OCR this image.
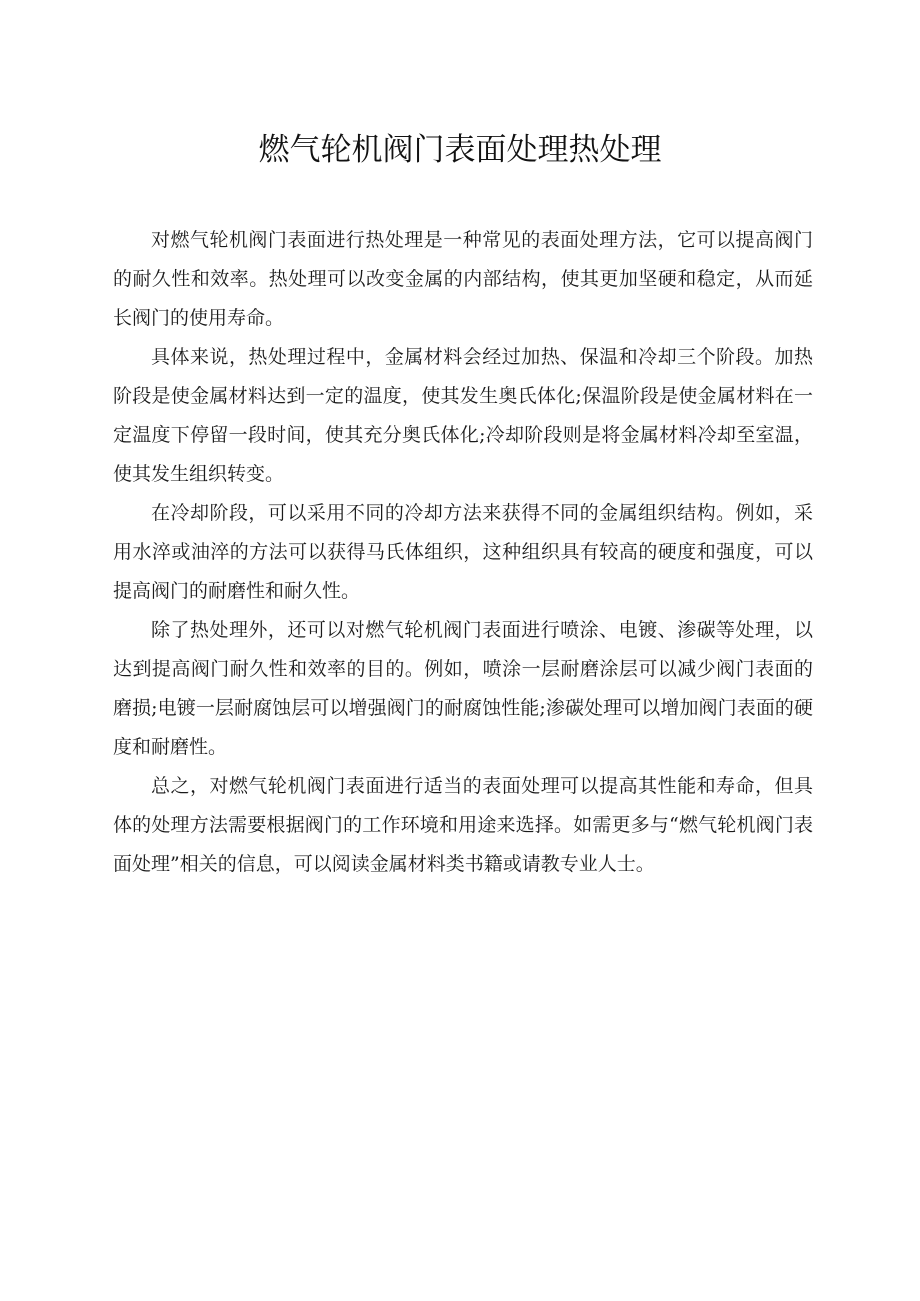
燃气轮机阀门表面处理热处理

对燃气轮机阀门表面进行热处理是一种常见的表面处理方法，它可以提高阀门的耐久性和效率。热处理可以改变金属的内部结构，使其更加坚硬和稳定，从而延长阀门的使用寿命。

具体来说，热处理过程中，金属材料会经过加热、保温和冷却三个阶段。加热阶段是使金属材料达到一定的温度，使其发生奥氏体化;保温阶段是使金属材料在一定温度下停留一段时间，使其充分奥氏体化;冷却阶段则是将金属材料冷却至室温，使其发生组织转变。

在冷却阶段，可以采用不同的冷却方法来获得不同的金属组织结构。例如，采用水淬或油淬的方法可以获得马氏体组织，这种组织具有较高的硬度和强度，可以提高阀门的耐磨性和耐久性。

除了热处理外，还可以对燃气轮机阀门表面进行喷涂、电镀、渗碳等处理，以达到提高阀门耐久性和效率的目的。例如，喷涂一层耐磨涂层可以减少阀门表面的磨损;电镀一层耐腐蚀层可以增强阀门的耐腐蚀性能;渗碳处理可以增加阀门表面的硬度和耐磨性。

总之，对燃气轮机阀门表面进行适当的表面处理可以提高其性能和寿命，但具体的处理方法需要根据阀门的工作环境和用途来选择。如需更多与“燃气轮机阀门表面处理”相关的信息，可以阅读金属材料类书籍或请教专业人士。
